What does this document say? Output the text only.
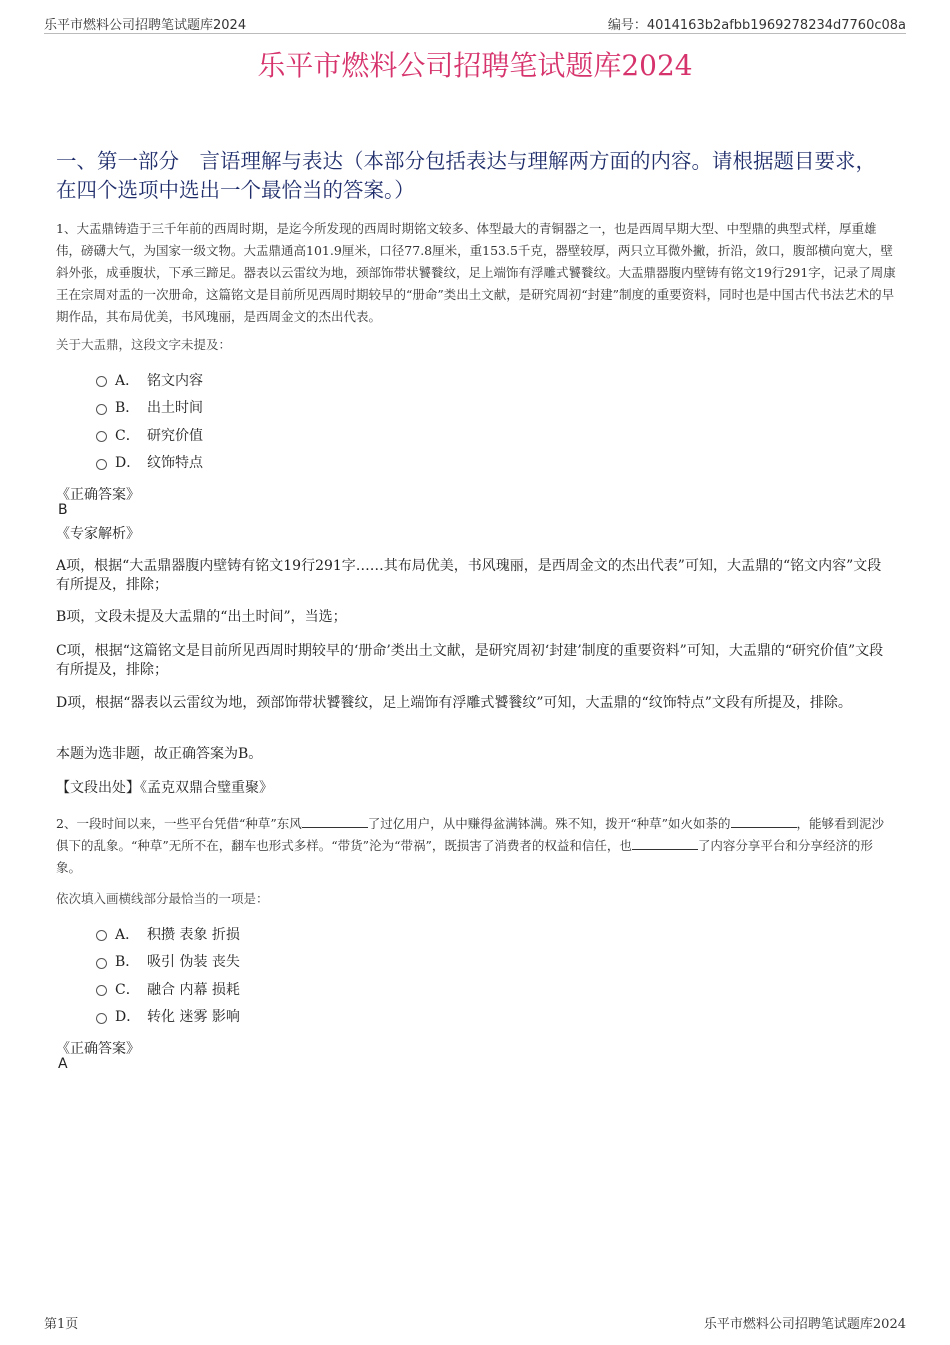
乐平市燃料公司招聘笔试题库2024	编号：4014163b2afbb1969278234d7760c08a
乐平市燃料公司招聘笔试题库2024
一、第一部分　言语理解与表达（本部分包括表达与理解两方面的内容。请根据题目要求，在四个选项中选出一个最恰当的答案。）
1、大盂鼎铸造于三千年前的西周时期，是迄今所发现的西周时期铭文较多、体型最大的青铜器之一，也是西周早期大型、中型鼎的典型式样，厚重雄伟，磅礴大气，为国家一级文物。大盂鼎通高101.9厘米，口径77.8厘米，重153.5千克，器壁较厚，两只立耳微外撇，折沿，敛口，腹部横向宽大，壁斜外张，成垂腹状，下承三蹄足。器表以云雷纹为地，颈部饰带状饕餮纹，足上端饰有浮雕式饕餮纹。大盂鼎器腹内壁铸有铭文19行291字，记录了周康王在宗周对盂的一次册命，这篇铭文是目前所见西周时期较早的“册命”类出土文献，是研究周初“封建”制度的重要资料，同时也是中国古代书法艺术的早期作品，其布局优美，书风瑰丽，是西周金文的杰出代表。
关于大盂鼎，这段文字未提及：
A． 铭文内容
B． 出土时间
C． 研究价值
D． 纹饰特点
《正确答案》
B
《专家解析》
A项，根据“大盂鼎器腹内壁铸有铭文19行291字……其布局优美，书风瑰丽，是西周金文的杰出代表”可知，大盂鼎的“铭文内容”文段有所提及，排除；
B项，文段未提及大盂鼎的“出土时间”，当选；
C项，根据“这篇铭文是目前所见西周时期较早的‘册命’类出土文献，是研究周初‘封建’制度的重要资料”可知，大盂鼎的“研究价值”文段有所提及，排除；
D项，根据“器表以云雷纹为地，颈部饰带状饕餮纹，足上端饰有浮雕式饕餮纹”可知，大盂鼎的“纹饰特点”文段有所提及，排除。
本题为选非题，故正确答案为B。
【文段出处】《孟克双鼎合璧重聚》
2、一段时间以来，一些平台凭借“种草”东风	了过亿用户，从中赚得盆满钵满。殊不知，拨开“种草”如火如荼的	，能够看到泥沙俱下的乱象。“种草”无所不在，翻车也形式多样。“带货”沦为“带祸”，既损害了消费者的权益和信任，也	了内容分享平台和分享经济的形象。
依次填入画横线部分最恰当的一项是：
A． 积攒 表象 折损
B． 吸引 伪装 丧失
C． 融合 内幕 损耗
D． 转化 迷雾 影响
《正确答案》
A
第1页	乐平市燃料公司招聘笔试题库2024
